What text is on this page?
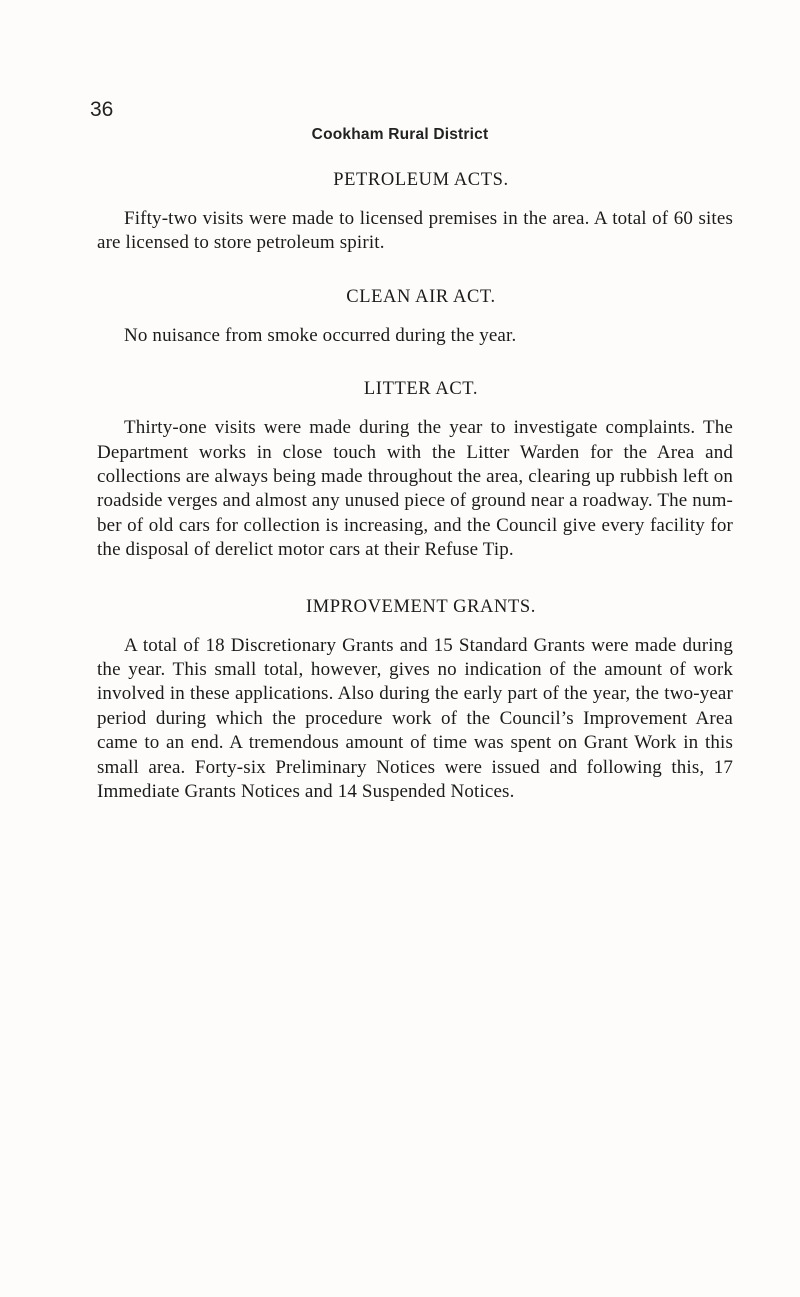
36
Cookham Rural District
PETROLEUM ACTS.

Fifty-two visits were made to licensed premises in the area. A total of 60 sites are licensed to store petroleum spirit.

CLEAN AIR ACT.

No nuisance from smoke occurred during the year.

LITTER ACT.

Thirty-one visits were made during the year to investigate complaints. The Department works in close touch with the Litter Warden for the Area and collections are always being made throughout the area, clearing up rubbish left on roadside verges and almost any unused piece of ground near a roadway. The num- ber of old cars for collection is increasing, and the Council give every facility for the disposal of derelict motor cars at their Refuse Tip.

IMPROVEMENT GRANTS.

A total of 18 Discretionary Grants and 15 Standard Grants were made during the year. This small total, however, gives no indication of the amount of work involved in these applications. Also during the early part of the year, the two-year period during which the procedure work of the Council’s Improvement Area came to an end. A tremendous amount of time was spent on Grant Work in this small area. Forty-six Preliminary Notices were issued and following this, 17 Immediate Grants Notices and 14 Suspended Notices.
